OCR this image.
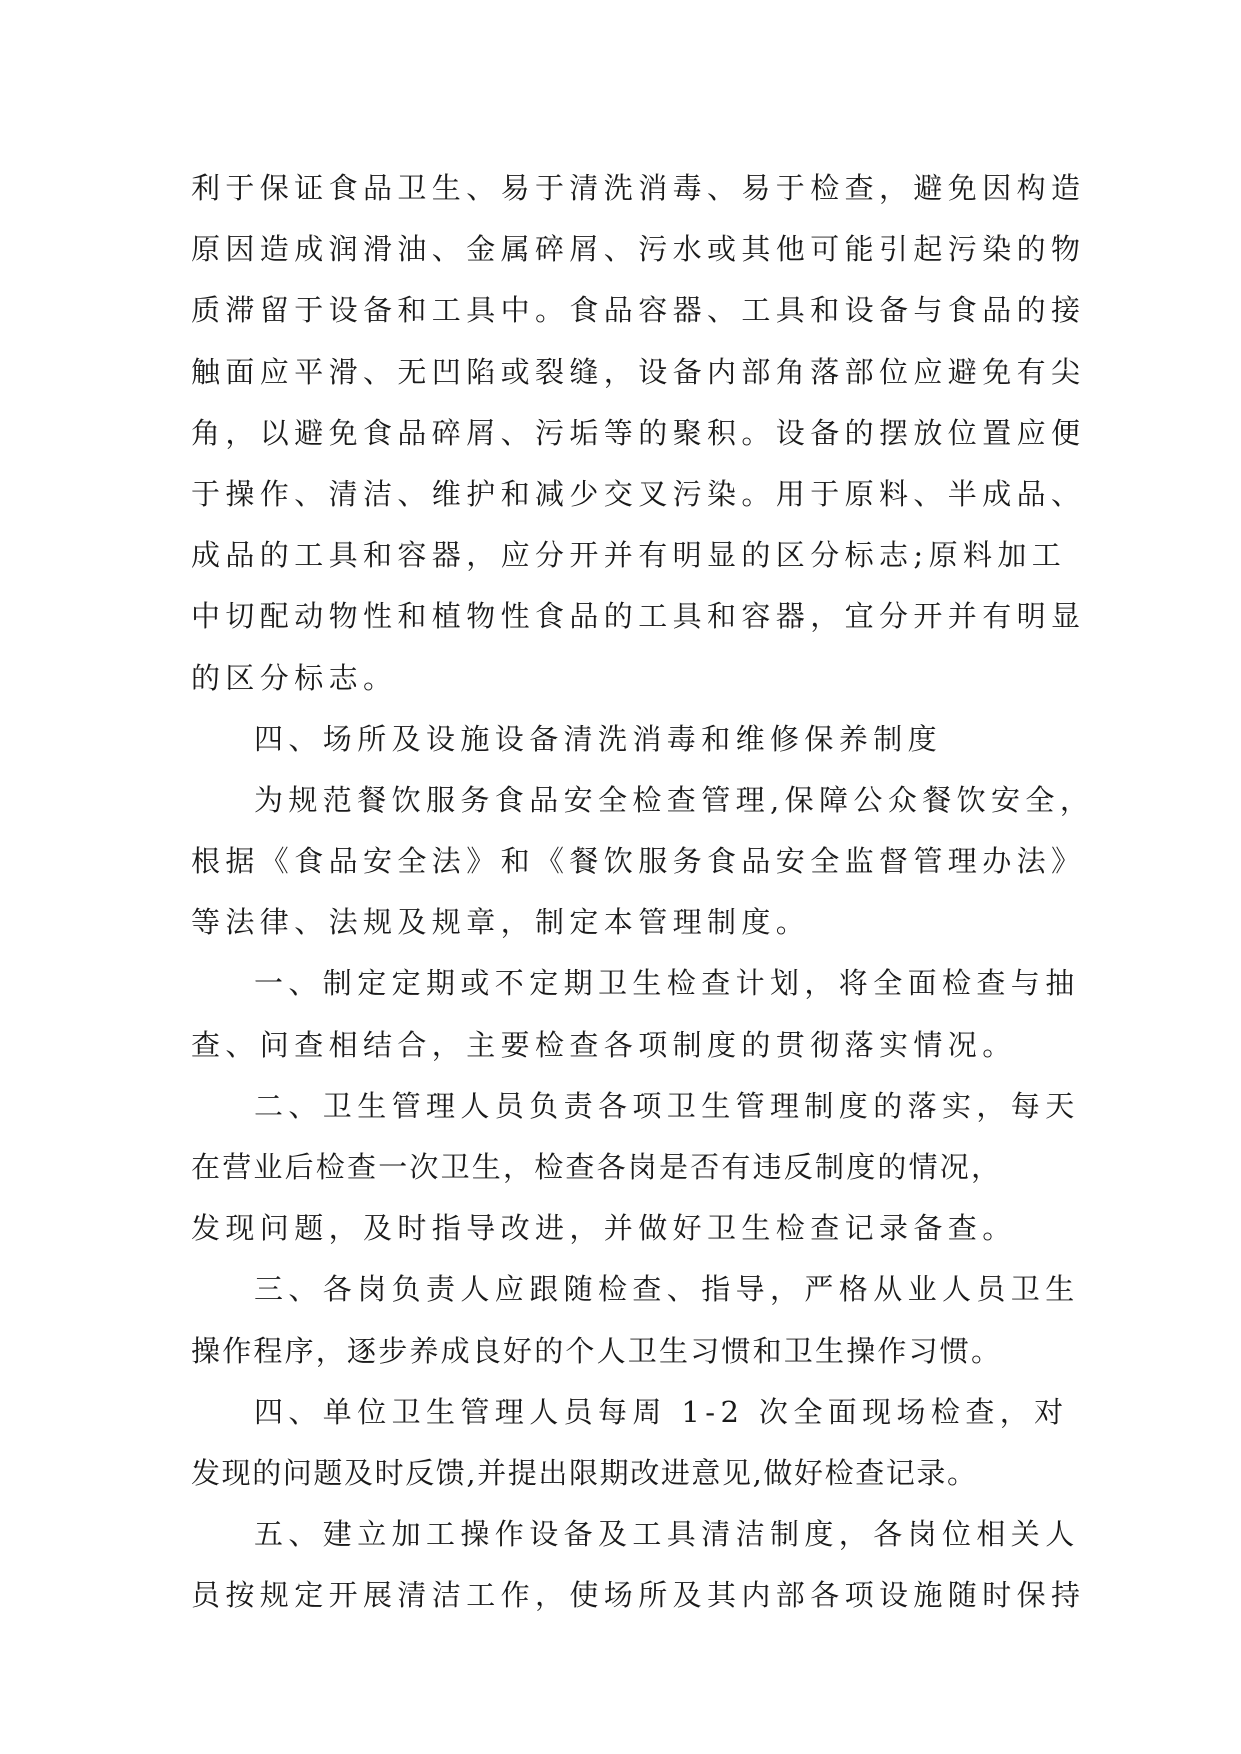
利于保证食品卫生、易于清洗消毒、易于检查，避免因构造
原因造成润滑油、金属碎屑、污水或其他可能引起污染的物
质滞留于设备和工具中。食品容器、工具和设备与食品的接
触面应平滑、无凹陷或裂缝，设备内部角落部位应避免有尖
角，以避免食品碎屑、污垢等的聚积。设备的摆放位置应便
于操作、清洁、维护和减少交叉污染。用于原料、半成品、
成品的工具和容器，应分开并有明显的区分标志;原料加工
中切配动物性和植物性食品的工具和容器，宜分开并有明显
的区分标志。
四、场所及设施设备清洗消毒和维修保养制度
为规范餐饮服务食品安全检查管理,保障公众餐饮安全，
根据《食品安全法》和《餐饮服务食品安全监督管理办法》
等法律、法规及规章，制定本管理制度。
一、制定定期或不定期卫生检查计划，将全面检查与抽
查、问查相结合，主要检查各项制度的贯彻落实情况。
二、卫生管理人员负责各项卫生管理制度的落实，每天
在营业后检查一次卫生，检查各岗是否有违反制度的情况，
发现问题，及时指导改进，并做好卫生检查记录备查。
三、各岗负责人应跟随检查、指导，严格从业人员卫生
操作程序，逐步养成良好的个人卫生习惯和卫生操作习惯。
四、单位卫生管理人员每周 1-2 次全面现场检查，对
发现的问题及时反馈,并提出限期改进意见,做好检查记录。
五、建立加工操作设备及工具清洁制度，各岗位相关人
员按规定开展清洁工作，使场所及其内部各项设施随时保持
